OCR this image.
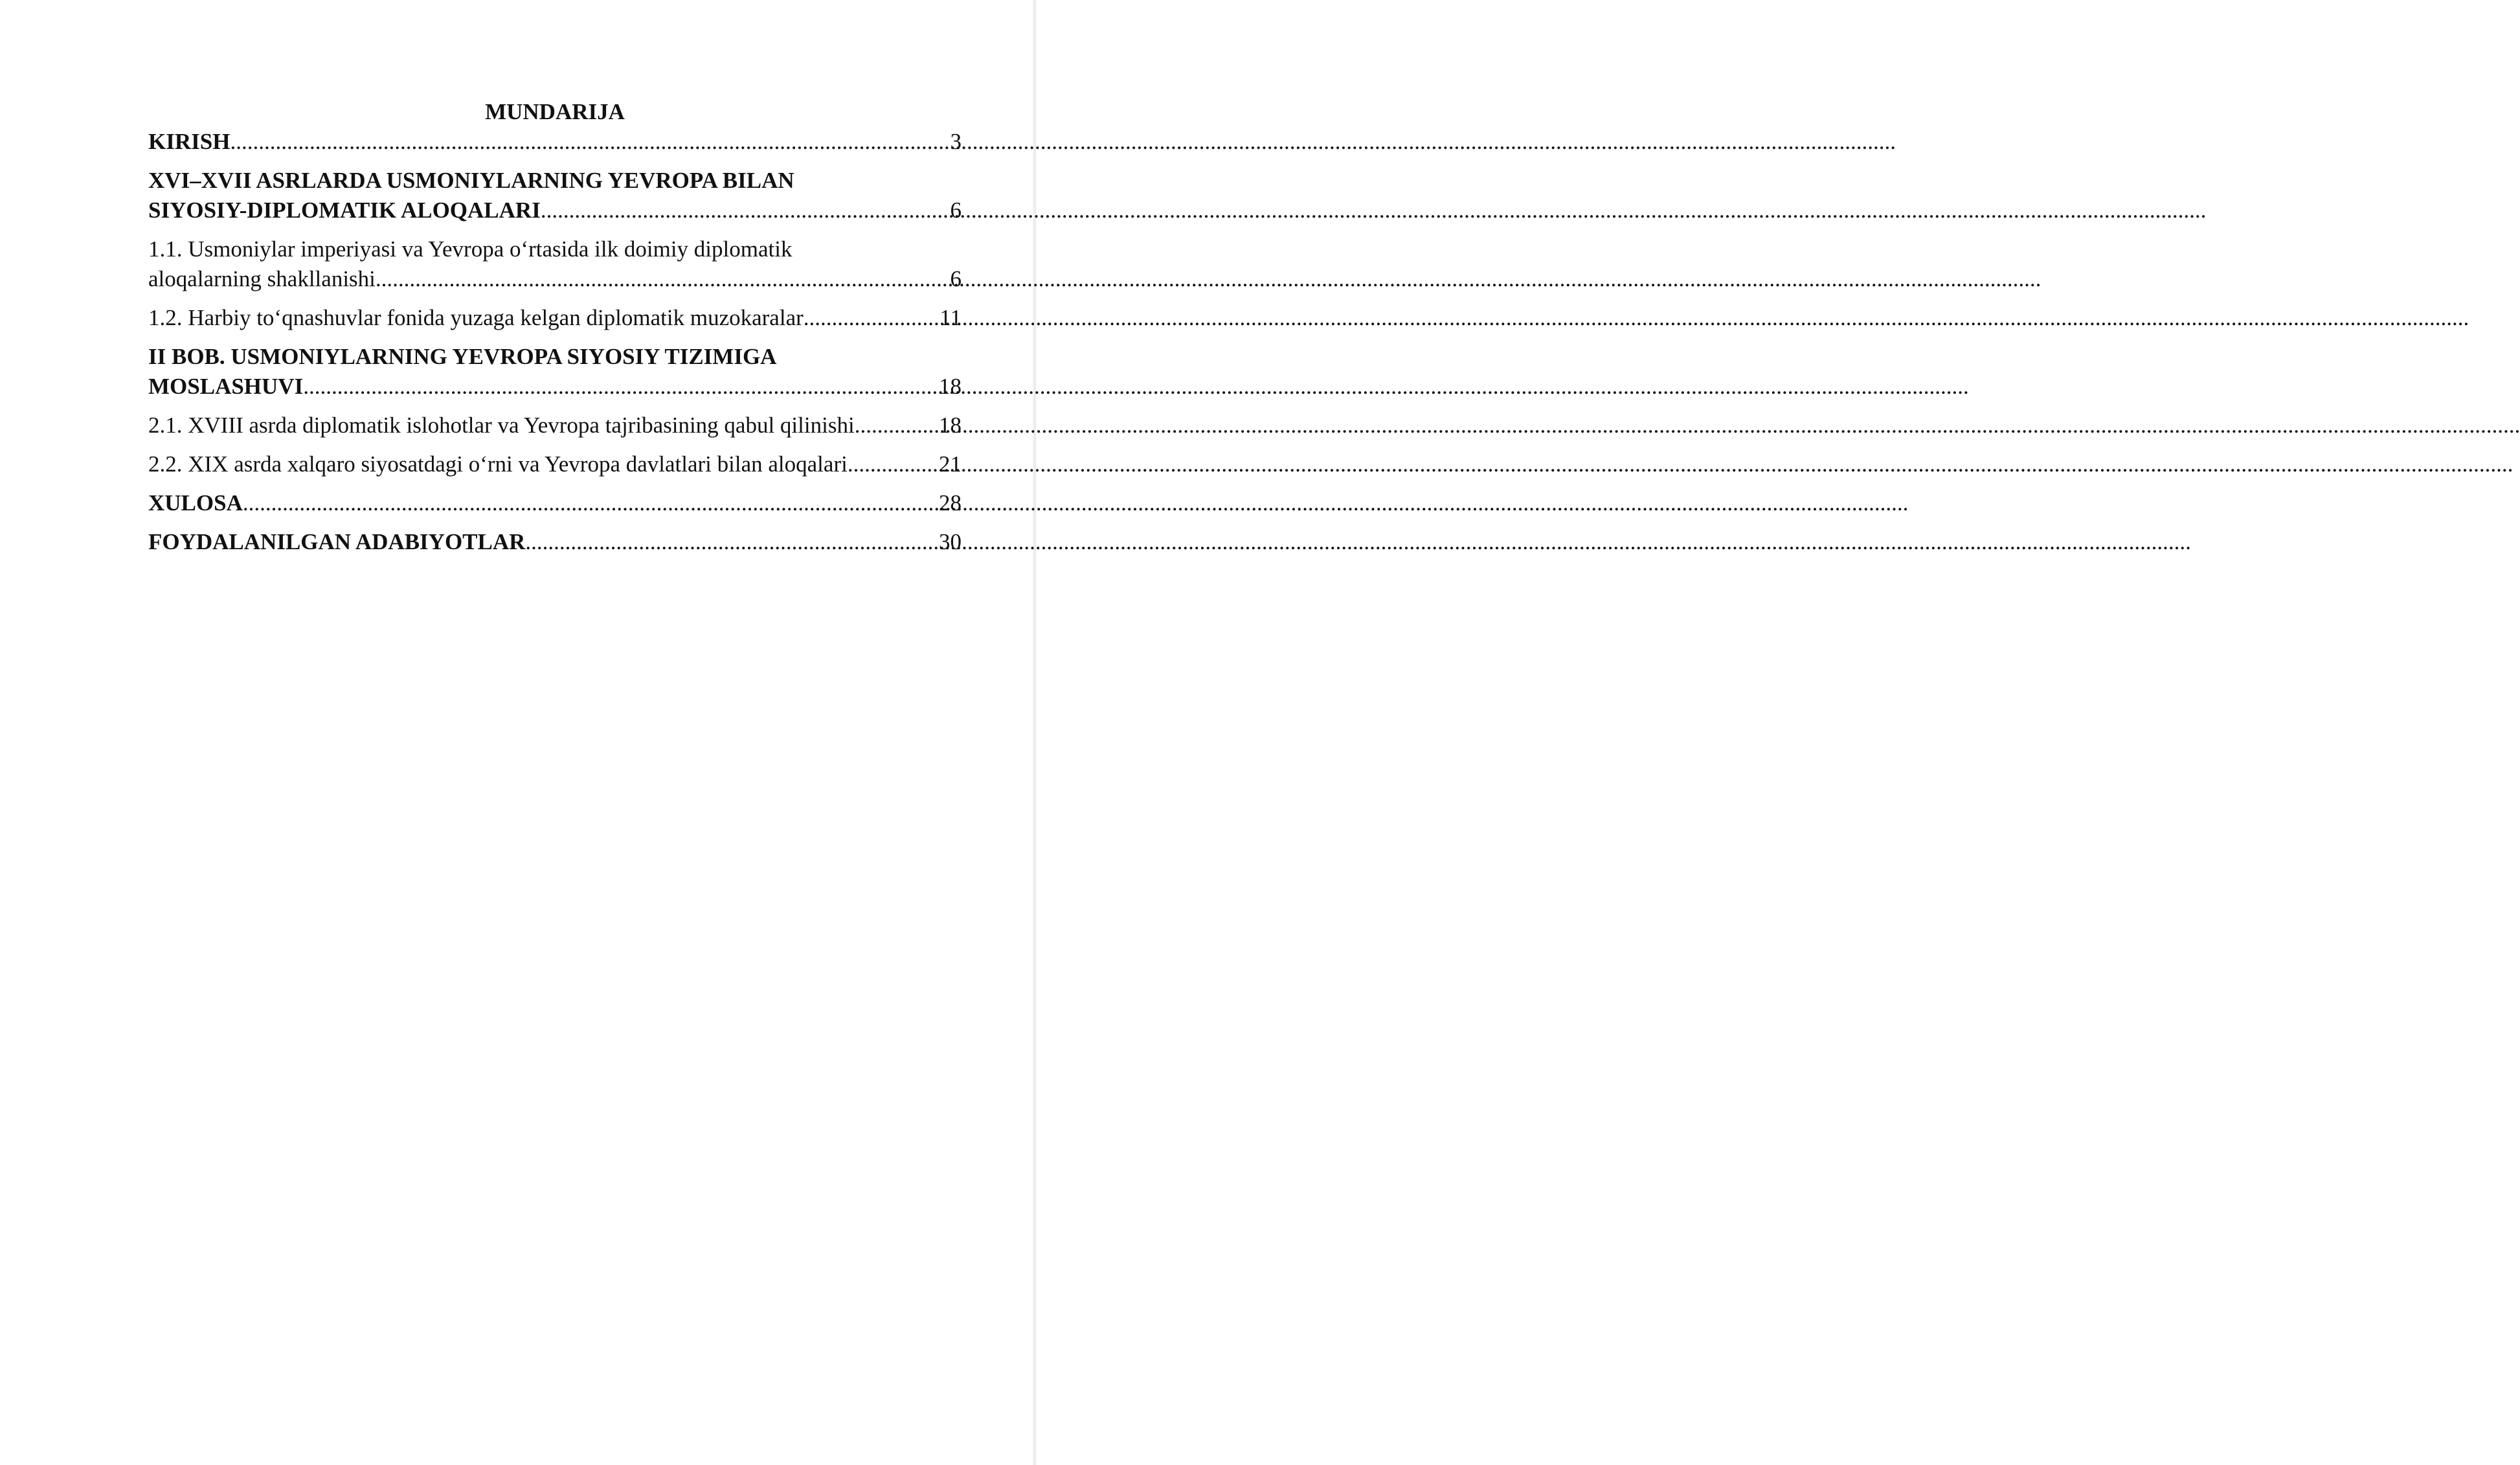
MUNDARIJA
KIRISH .....	3
XVI–XVII ASRLARDA USMONIYLARNING YEVROPA BILAN
SIYOSIY-DIPLOMATIK ALOQALARI .....	6
1.1. Usmoniylar imperiyasi va Yevropa o‘rtasida ilk doimiy diplomatik
aloqalarning shakllanishi .....	6
1.2. Harbiy to‘qnashuvlar fonida yuzaga kelgan diplomatik muzokaralar .....	11
II BOB. USMONIYLARNING YEVROPA SIYOSIY TIZIMIGA
MOSLASHUVI .....	18
2.1. XVIII asrda diplomatik islohotlar va Yevropa tajribasining qabul qilinishi .....	18
2.2. XIX asrda xalqaro siyosatdagi o‘rni va Yevropa davlatlari bilan aloqalari .....	21
XULOSA .....	28
FOYDALANILGAN ADABIYOTLAR .....	30
